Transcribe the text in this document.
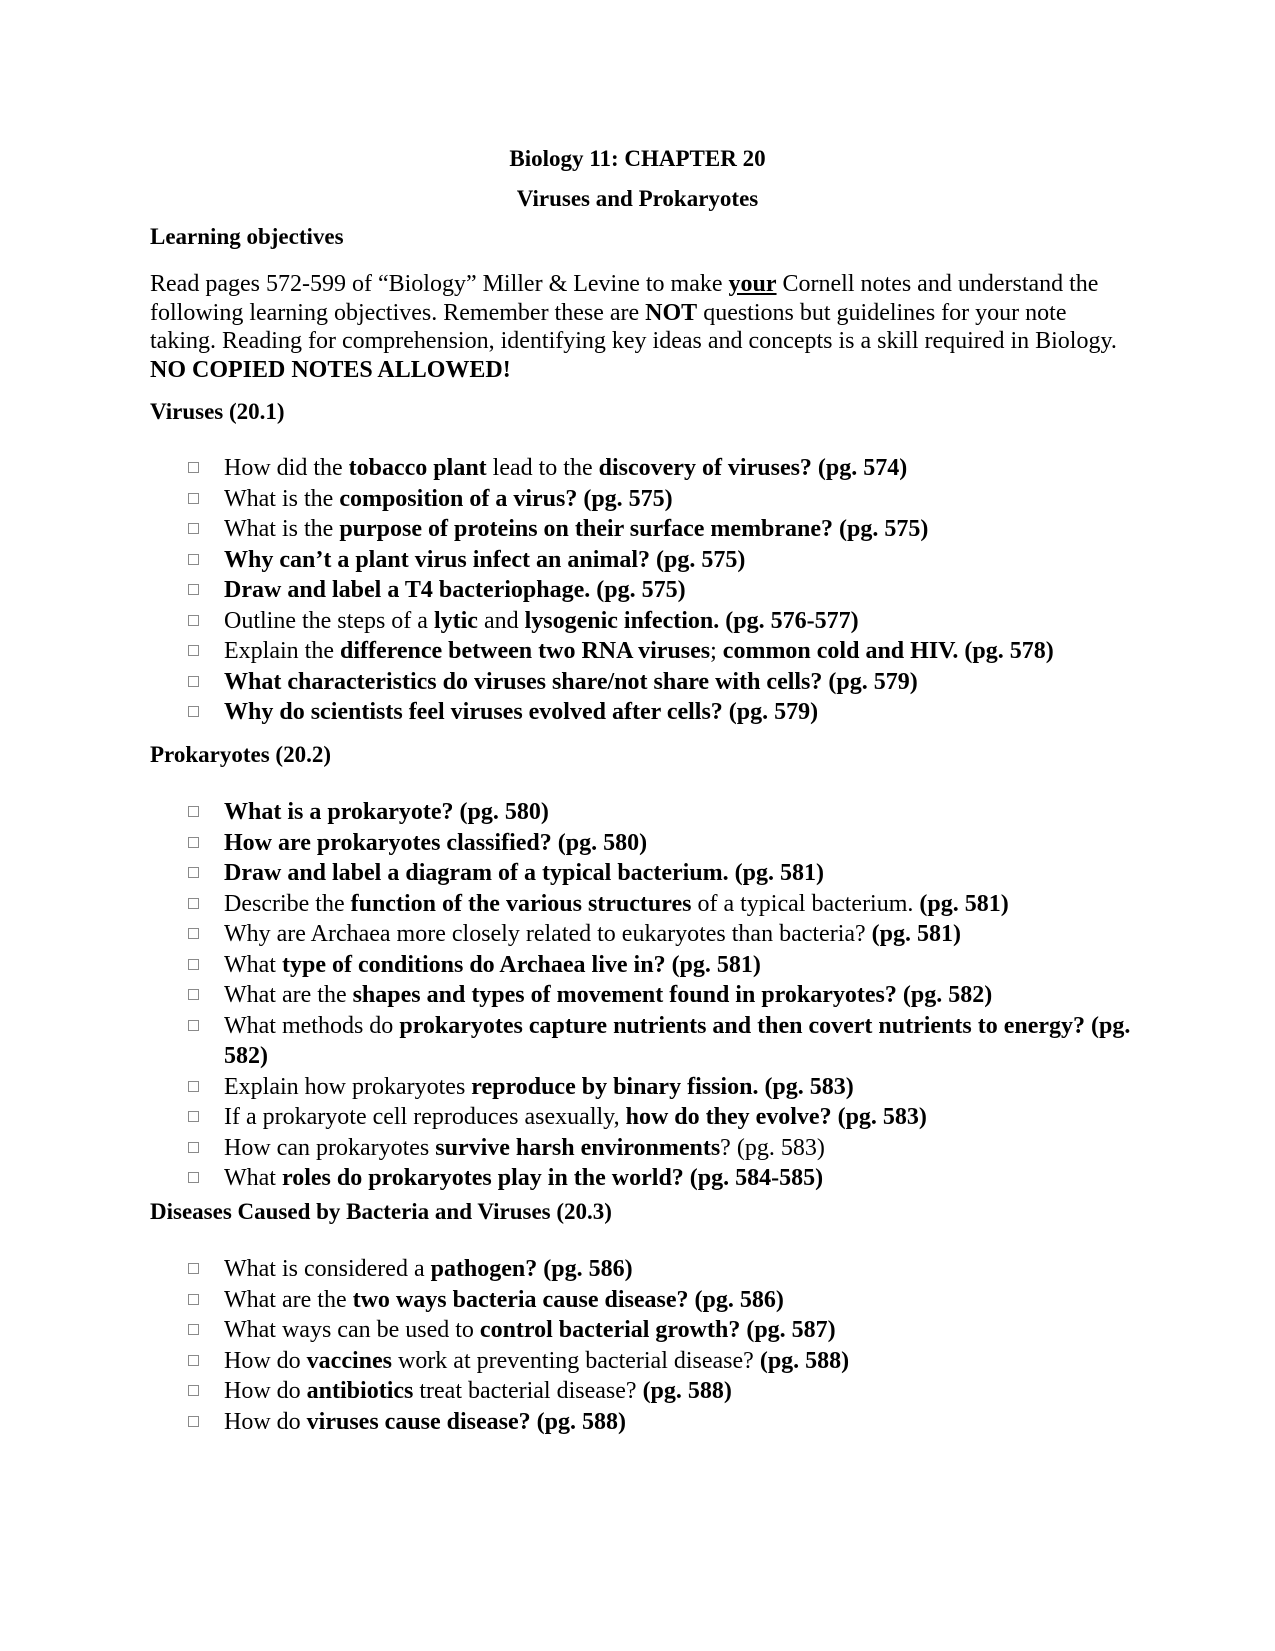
Biology 11: CHAPTER 20
Viruses and Prokaryotes
Learning objectives
Read pages 572-599 of “Biology” Miller & Levine to make your Cornell notes and understand the following learning objectives. Remember these are NOT questions but guidelines for your note taking. Reading for comprehension, identifying key ideas and concepts is a skill required in Biology. NO COPIED NOTES ALLOWED!
Viruses (20.1)
How did the tobacco plant lead to the discovery of viruses? (pg. 574)
What is the composition of a virus? (pg. 575)
What is the purpose of proteins on their surface membrane? (pg. 575)
Why can’t a plant virus infect an animal? (pg. 575)
Draw and label a T4 bacteriophage. (pg. 575)
Outline the steps of a lytic and lysogenic infection. (pg. 576-577)
Explain the difference between two RNA viruses; common cold and HIV. (pg. 578)
What characteristics do viruses share/not share with cells? (pg. 579)
Why do scientists feel viruses evolved after cells? (pg. 579)
Prokaryotes (20.2)
What is a prokaryote? (pg. 580)
How are prokaryotes classified? (pg. 580)
Draw and label a diagram of a typical bacterium. (pg. 581)
Describe the function of the various structures of a typical bacterium. (pg. 581)
Why are Archaea more closely related to eukaryotes than bacteria? (pg. 581)
What type of conditions do Archaea live in? (pg. 581)
What are the shapes and types of movement found in prokaryotes? (pg. 582)
What methods do prokaryotes capture nutrients and then covert nutrients to energy? (pg. 582)
Explain how prokaryotes reproduce by binary fission. (pg. 583)
If a prokaryote cell reproduces asexually, how do they evolve? (pg. 583)
How can prokaryotes survive harsh environments? (pg. 583)
What roles do prokaryotes play in the world? (pg. 584-585)
Diseases Caused by Bacteria and Viruses (20.3)
What is considered a pathogen? (pg. 586)
What are the two ways bacteria cause disease? (pg. 586)
What ways can be used to control bacterial growth? (pg. 587)
How do vaccines work at preventing bacterial disease? (pg. 588)
How do antibiotics treat bacterial disease? (pg. 588)
How do viruses cause disease? (pg. 588)
